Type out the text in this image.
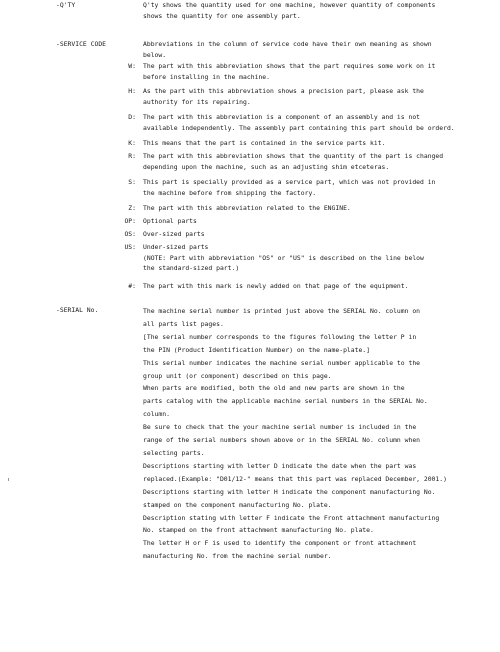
-Q'TY	Q'ty shows the quantity used for one machine, however quantity of components
shows the quantity for one assembly part.
-SERVICE CODE	Abbreviations in the column of service code have their own meaning as shown
below.
W: The part with this abbreviation shows that the part requires some work on it
before installing in the machine.
H: As the part with this abbreviation shows a precision part, please ask the
authority for its repairing.
D: The part with this abbreviation is a component of an assembly and is not
available independently. The assembly part containing this part should be orderd.
K: This means that the part is contained in the service parts kit.
R: The part with this abbreviation shows that the quantity of the part is changed
depending upon the machine, such as an adjusting shim etceteras.
S: This part is specially provided as a service part, which was not provided in
the machine before from shipping the factory.
Z: The part with this abbreviation related to the ENGINE.
OP: Optional parts
OS: Over-sized parts
US: Under-sized parts
(NOTE: Part with abbreviation "OS" or "US" is described on the line below
the standard-sized part.)
#: The part with this mark is newly added on that page of the equipment.
-SERIAL No.	The machine serial number is printed just above the SERIAL No. column on
all parts list pages.
[The serial number corresponds to the figures following the letter P in
the PIN (Product Identification Number) on the name-plate.]
This serial number indicates the machine serial number applicable to the
group unit (or component) described on this page.
When parts are modified, both the old and new parts are shown in the
parts catalog with the applicable machine serial numbers in the SERIAL No.
column.
Be sure to check that the your machine serial number is included in the
range of the serial numbers shown above or in the SERIAL No. column when
selecting parts.
Descriptions starting with letter D indicate the date when the part was
replaced.(Example: "D01/12-" means that this part was replaced December, 2001.)
Descriptions starting with letter H indicate the component manufacturing No.
stamped on the component manufacturing No. plate.
Description stating with letter F indicate the Front attachment manufacturing
No. stamped on the front attachment manufacturing No. plate.
The letter H or F is used to identify the component or front attachment
manufacturing No. from the machine serial number.
